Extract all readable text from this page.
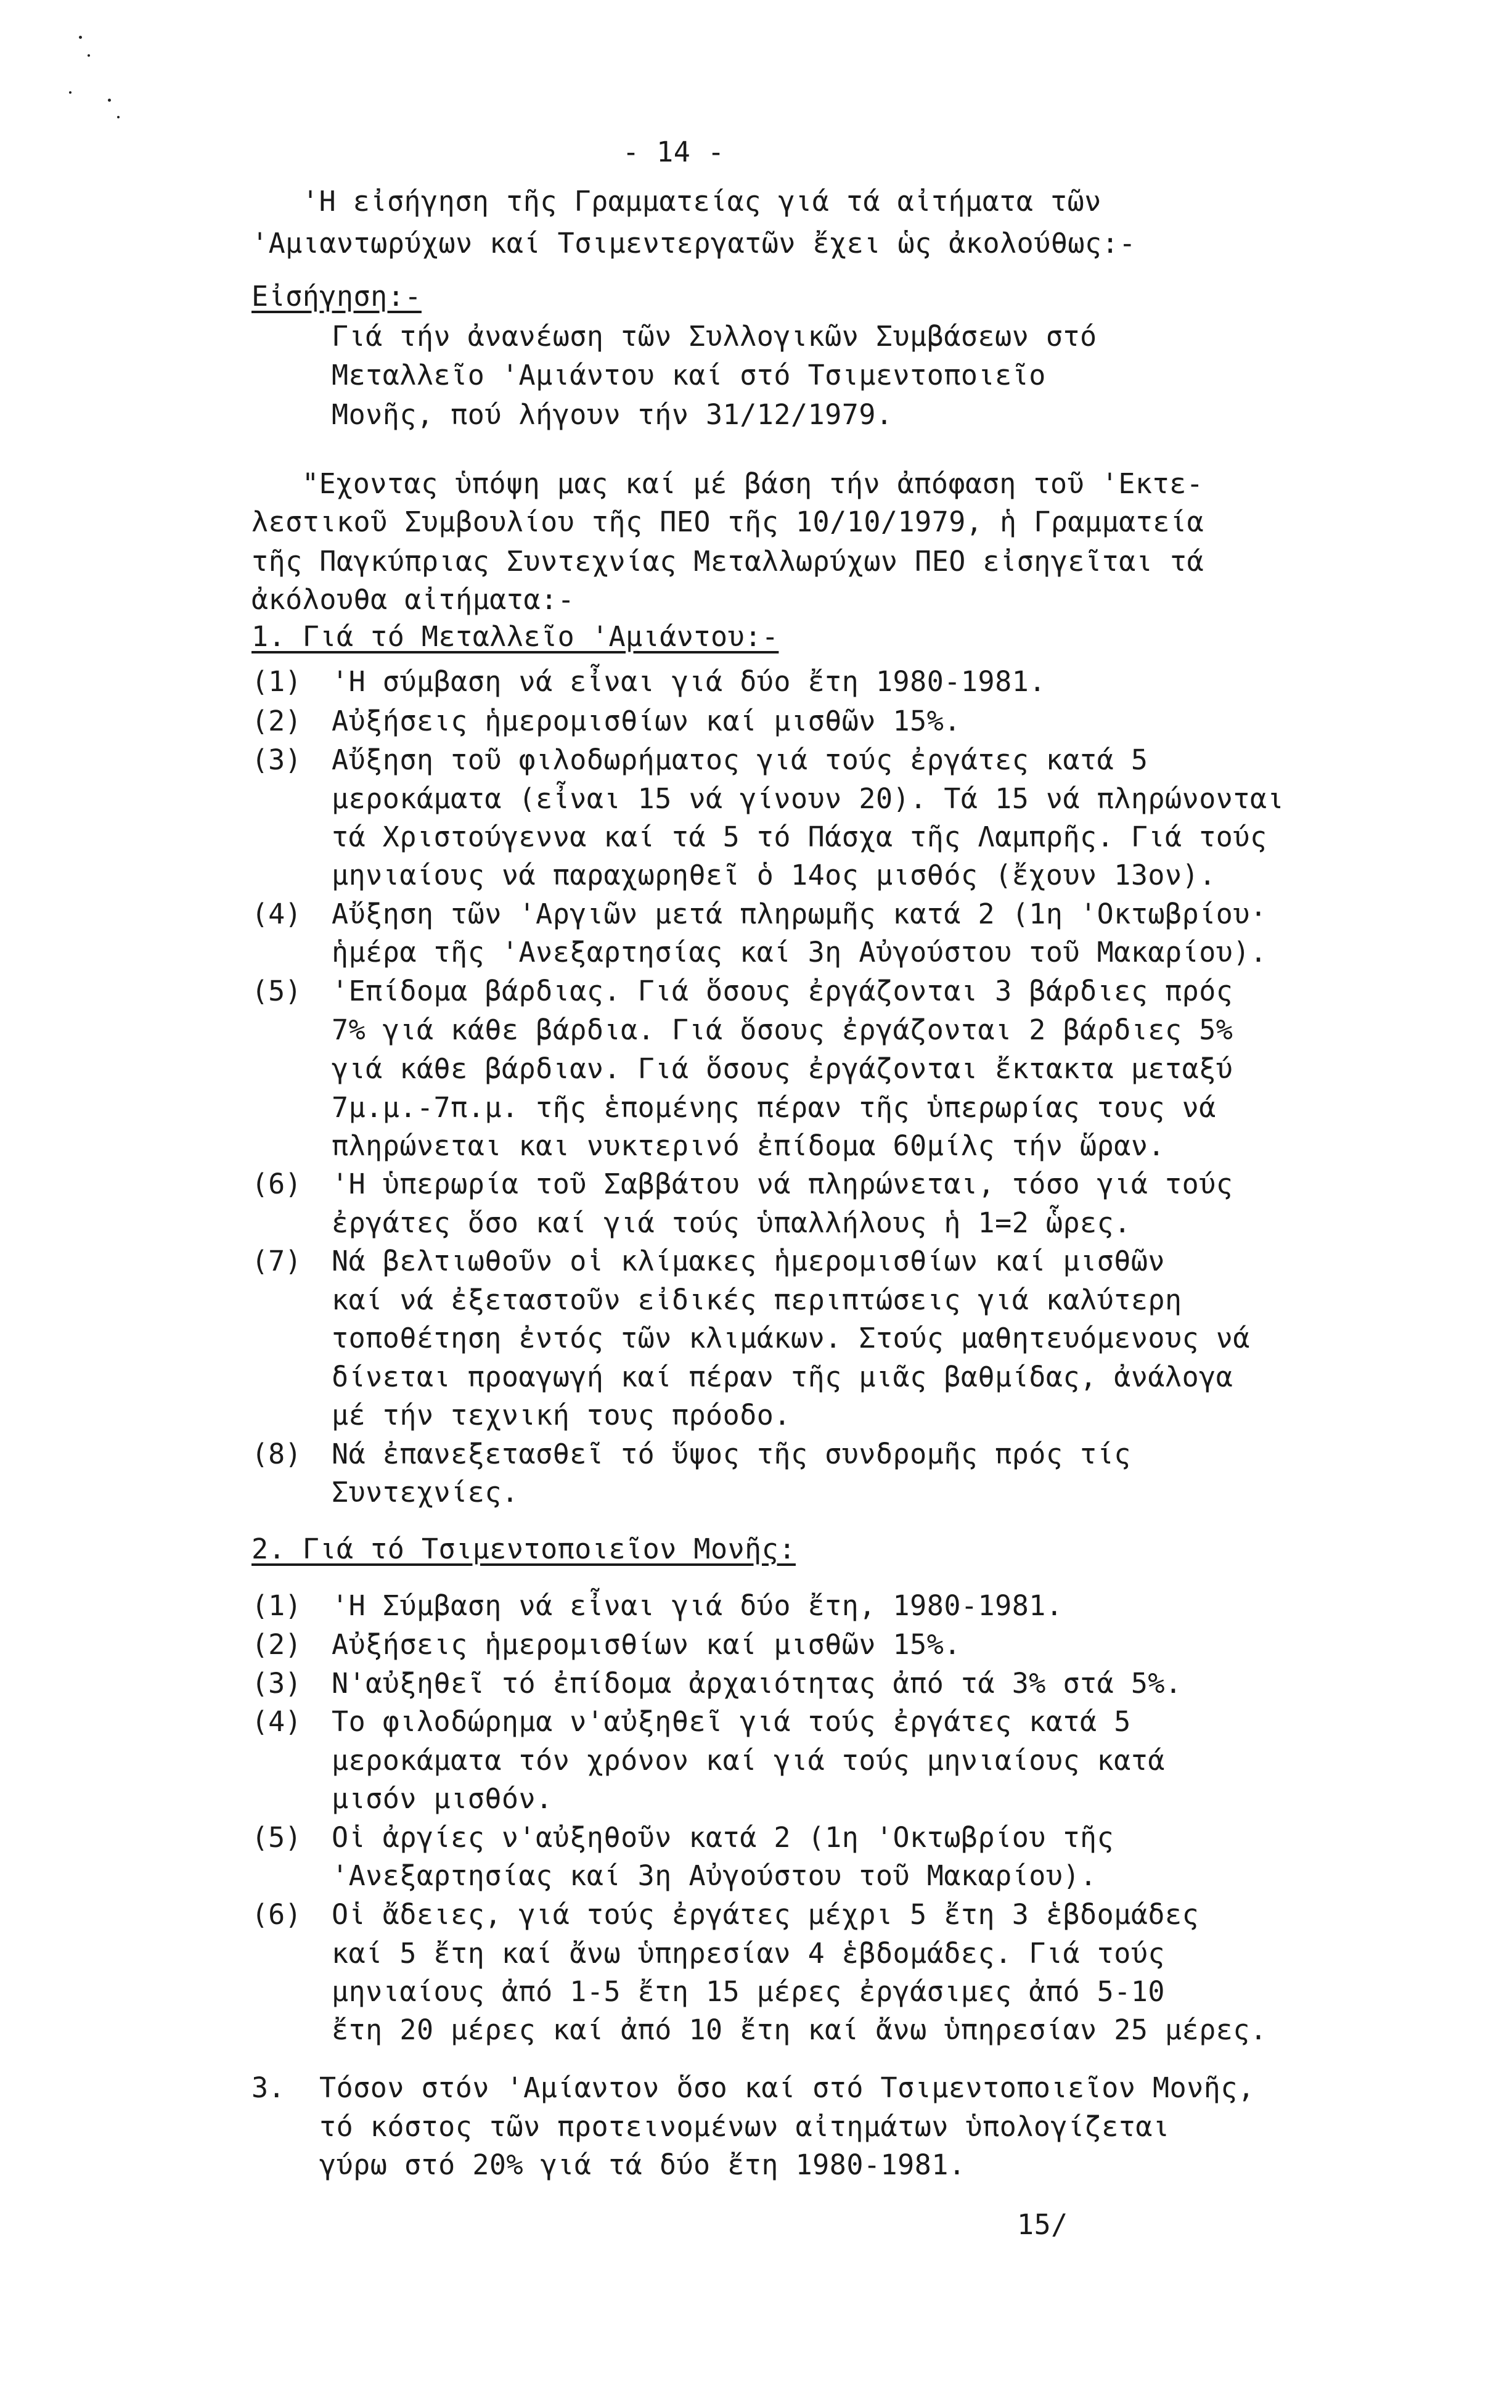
- 14 -
'Η εἰσήγηση τῆς Γραμματείας γιά τά αἰτήματα τῶν
'Αμιαντωρύχων καί Τσιμεντεργατῶν ἔχει ὡς ἀκολούθως:-
Εἰσήγηση:-
Γιά τήν ἀνανέωση τῶν Συλλογικῶν Συμβάσεων στό
Μεταλλεῖο 'Αμιάντου καί στό Τσιμεντοποιεῖο
Μονῆς, πού λήγουν τήν 31/12/1979.
"Εχοντας ὑπόψη μας καί μέ βάση τήν ἀπόφαση τοῦ 'Εκτε-
λεστικοῦ Συμβουλίου τῆς ΠΕΟ τῆς 10/10/1979, ἡ Γραμματεία
τῆς Παγκύπριας Συντεχνίας Μεταλλωρύχων ΠΕΟ εἰσηγεῖται τά
ἀκόλουθα αἰτήματα:-
1. Γιά τό Μεταλλεῖο 'Αμιάντου:-
(1) 'Η σύμβαση νά εἶναι γιά δύο ἔτη 1980-1981.
(2) Αὐξήσεις ἡμερομισθίων καί μισθῶν 15%.
(3) Αὔξηση τοῦ φιλοδωρήματος γιά τούς ἐργάτες κατά 5
μεροκάματα (εἶναι 15 νά γίνουν 20). Τά 15 νά πληρώνονται
τά Χριστούγεννα καί τά 5 τό Πάσχα τῆς Λαμπρῆς. Γιά τούς
μηνιαίους νά παραχωρηθεῖ ὁ 14ος μισθός (ἔχουν 13ον).
(4) Αὔξηση τῶν 'Αργιῶν μετά πληρωμῆς κατά 2 (1η 'Οκτωβρίου·
ἡμέρα τῆς 'Ανεξαρτησίας καί 3η Αὐγούστου τοῦ Μακαρίου).
(5) 'Επίδομα βάρδιας. Γιά ὅσους ἐργάζονται 3 βάρδιες πρός
7% γιά κάθε βάρδια. Γιά ὅσους ἐργάζονται 2 βάρδιες 5%
γιά κάθε βάρδιαν. Γιά ὅσους ἐργάζονται ἔκτακτα μεταξύ
7μ.μ.-7π.μ. τῆς ἑπομένης πέραν τῆς ὑπερωρίας τους νά
πληρώνεται και νυκτερινό ἐπίδομα 60μίλς τήν ὥραν.
(6) 'Η ὑπερωρία τοῦ Σαββάτου νά πληρώνεται, τόσο γιά τούς
ἐργάτες ὅσο καί γιά τούς ὑπαλλήλους ἡ 1=2 ὧρες.
(7) Νά βελτιωθοῦν οἱ κλίμακες ἡμερομισθίων καί μισθῶν
καί νά ἐξεταστοῦν εἰδικές περιπτώσεις γιά καλύτερη
τοποθέτηση ἐντός τῶν κλιμάκων. Στούς μαθητευόμενους νά
δίνεται προαγωγή καί πέραν τῆς μιᾶς βαθμίδας, ἀνάλογα
μέ τήν τεχνική τους πρόοδο.
(8) Νά ἐπανεξετασθεῖ τό ὕψος τῆς συνδρομῆς πρός τίς
Συντεχνίες.
2. Γιά τό Τσιμεντοποιεῖον Μονῆς:
(1) 'Η Σύμβαση νά εἶναι γιά δύο ἔτη, 1980-1981.
(2) Αὐξήσεις ἡμερομισθίων καί μισθῶν 15%.
(3) Ν'αὐξηθεῖ τό ἐπίδομα ἀρχαιότητας ἀπό τά 3% στά 5%.
(4) Το φιλοδώρημα ν'αὐξηθεῖ γιά τούς ἐργάτες κατά 5
μεροκάματα τόν χρόνον καί γιά τούς μηνιαίους κατά
μισόν μισθόν.
(5) Οἱ ἀργίες ν'αὐξηθοῦν κατά 2 (1η 'Οκτωβρίου τῆς
'Ανεξαρτησίας καί 3η Αὐγούστου τοῦ Μακαρίου).
(6) Οἱ ἄδειες, γιά τούς ἐργάτες μέχρι 5 ἔτη 3 ἑβδομάδες
καί 5 ἔτη καί ἄνω ὑπηρεσίαν 4 ἑβδομάδες. Γιά τούς
μηνιαίους ἀπό 1-5 ἔτη 15 μέρες ἐργάσιμες ἀπό 5-10
ἔτη 20 μέρες καί ἀπό 10 ἔτη καί ἄνω ὑπηρεσίαν 25 μέρες.
3. Τόσον στόν 'Αμίαντον ὅσο καί στό Τσιμεντοποιεῖον Μονῆς,
τό κόστος τῶν προτεινομένων αἰτημάτων ὑπολογίζεται
γύρω στό 20% γιά τά δύο ἔτη 1980-1981.
15/
